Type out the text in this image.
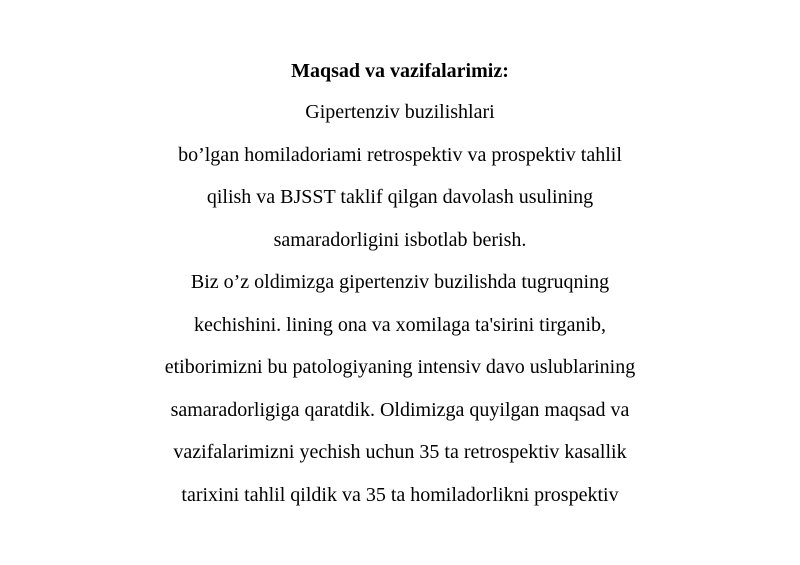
Maqsad va vazifalarimiz:
Gipertenziv buzilishlari
bo’lgan homiladoriami retrospektiv va prospektiv tahlil
qilish va BJSST taklif qilgan davolash usulining
samaradorligini isbotlab berish.
Biz o’z oldimizga gipertenziv buzilishda tugruqning
kechishini. lining ona va xomilaga ta'sirini tirganib,
etiborimizni bu patologiyaning intensiv davo uslublarining
samaradorligiga qaratdik. Oldimizga quyilgan maqsad va
vazifalarimizni yechish uchun 35 ta retrospektiv kasallik
tarixini tahlil qildik va 35 ta homiladorlikni prospektiv
